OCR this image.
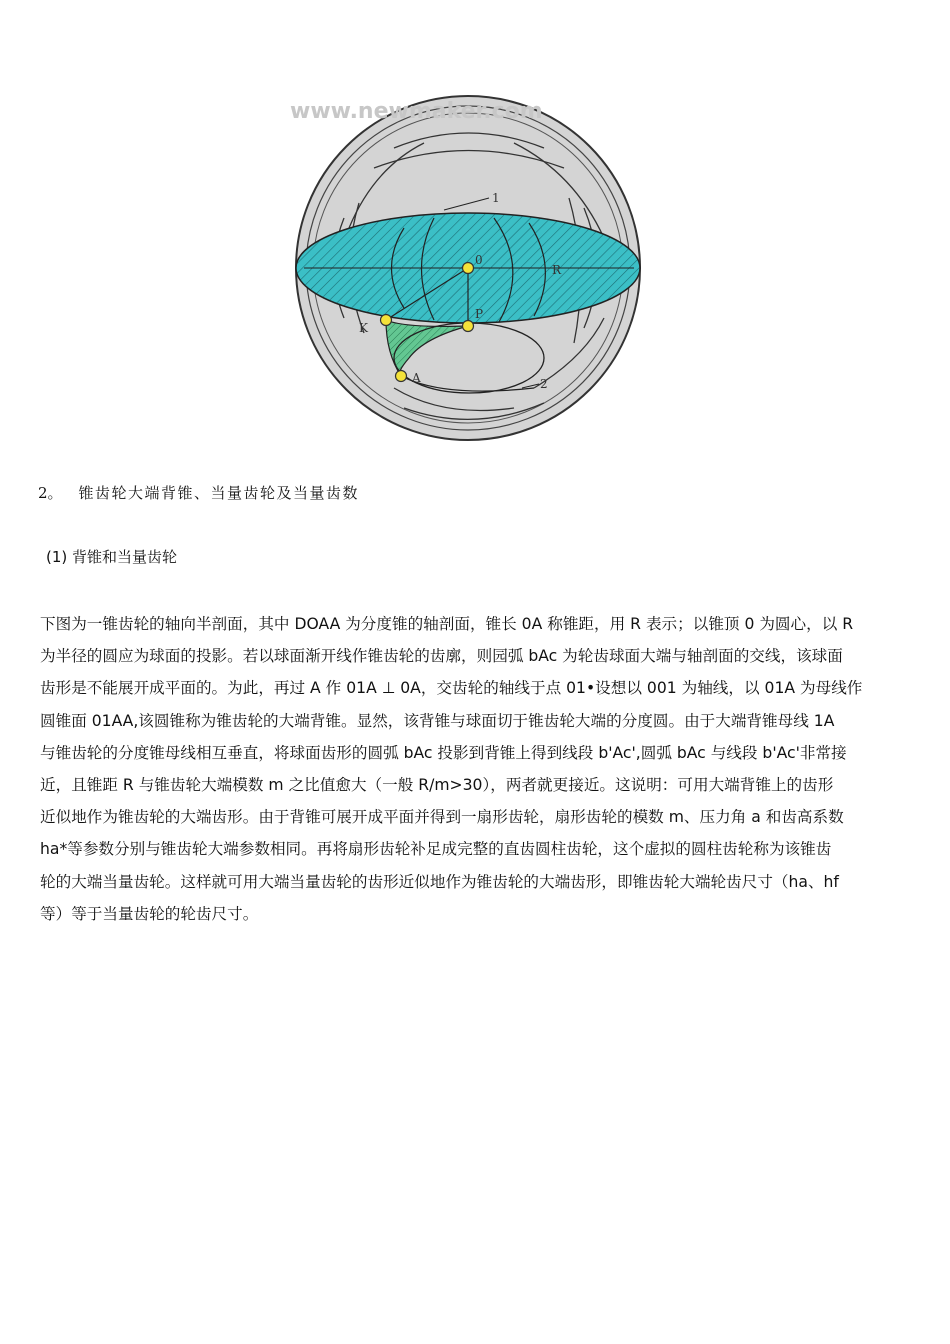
1
0
R
K
P
A	2
www.newmaker.com
2。 锥齿轮大端背锥、当量齿轮及当量齿数
(1) 背锥和当量齿轮
下图为一锥齿轮的轴向半剖面，其中 DOAA 为分度锥的轴剖面，锥长 0A 称锥距，用 R 表示；以锥顶 0 为圆心，以 R
为半径的圆应为球面的投影。若以球面渐开线作锥齿轮的齿廓，则园弧 bAc 为轮齿球面大端与轴剖面的交线，该球面
齿形是不能展开成平面的。为此，再过 A 作 01A ⊥ 0A，交齿轮的轴线于点 01•设想以 001 为轴线，以 01A 为母线作
圆锥面 01AA,该圆锥称为锥齿轮的大端背锥。显然，该背锥与球面切于锥齿轮大端的分度圆。由于大端背锥母线 1A
与锥齿轮的分度锥母线相互垂直，将球面齿形的圆弧 bAc 投影到背锥上得到线段 b'Ac',圆弧 bAc 与线段 b'Ac'非常接
近，且锥距 R 与锥齿轮大端模数 m 之比值愈大（一般 R/m>30），两者就更接近。这说明：可用大端背锥上的齿形
近似地作为锥齿轮的大端齿形。由于背锥可展开成平面并得到一扇形齿轮，扇形齿轮的模数 m、压力角 a 和齿高系数
ha*等参数分别与锥齿轮大端参数相同。再将扇形齿轮补足成完整的直齿圆柱齿轮，这个虚拟的圆柱齿轮称为该锥齿
轮的大端当量齿轮。这样就可用大端当量齿轮的齿形近似地作为锥齿轮的大端齿形，即锥齿轮大端轮齿尺寸（ha、hf
等）等于当量齿轮的轮齿尺寸。
